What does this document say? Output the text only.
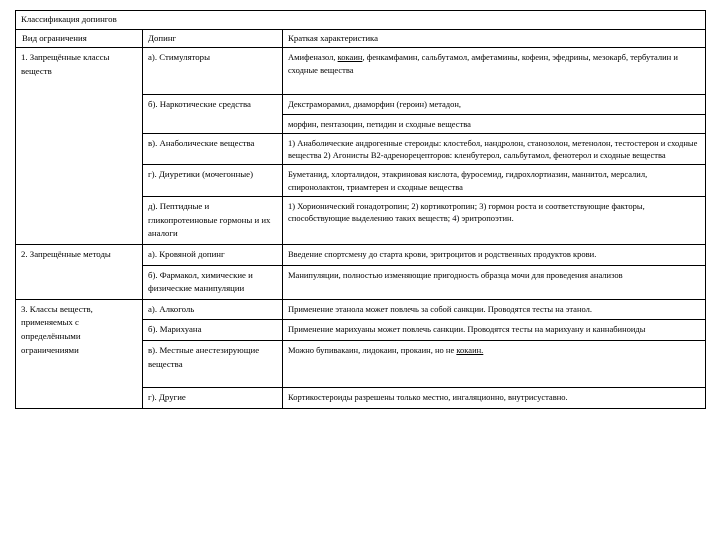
Классификация допингов		
Вид ограничения	Допинг	Краткая характеристика
1. Запрещённые классы веществ	а). Стимуляторы	Амифеназол, кокаин, фенкамфамин, сальбутамол, амфетамины, кофеин, эфедрины, мезокарб, тербуталин и сходные вещества
	б). Наркотические средства	Декстраморамил, диаморфин (героин) метадон,
		морфин, пентазоцин, петидин и сходные вещества
	в). Анаболические вещества	1) Анаболические андрогенные стероиды: клостебол, нандролон, станозолон, метенолон, тестостерон и сходные вещества 2) Агонисты В2-адренорецепторов: кленбутерол, сальбутамол, фенотерол и сходные вещества
	г). Диуретики (мочегонные)	Буметанид, хлорталидон, этакриновая кислота, фуросемид, гидрохлортиазин, маннитол, мерсалил, спиронолактон, триамтерен и сходные вещества
	д). Пептидные и гликопротеиновые гормоны и их аналоги	1) Хорионический гонадотропин; 2) кортикотропин; 3) гормон роста и соответствующие факторы, способствующие выделению таких веществ; 4) эритропоэтин.
2. Запрещённые методы	а). Кровяной допинг	Введение спортсмену до старта крови, эритроцитов и родственных продуктов крови.
	б). Фармакол, химические и физические манипуляции	Манипуляции, полностью изменяющие пригодность образца мочи для проведения анализов
3. Классы веществ, применяемых с определёнными ограничениями	а). Алкоголь	Применение этанола может повлечь за собой санкции. Проводятся тесты на этанол.
	б). Марихуана	Применение марихуаны может повлечь санкции. Проводятся тесты на марихуану и каннабиноиды
	в). Местные анестезирующие вещества	Можно бупивакаин, лидокаин, прокаин, но не кокаин.
	г). Другие	Кортикостероиды разрешены только местно, ингаляционно, внутрисуставно.
